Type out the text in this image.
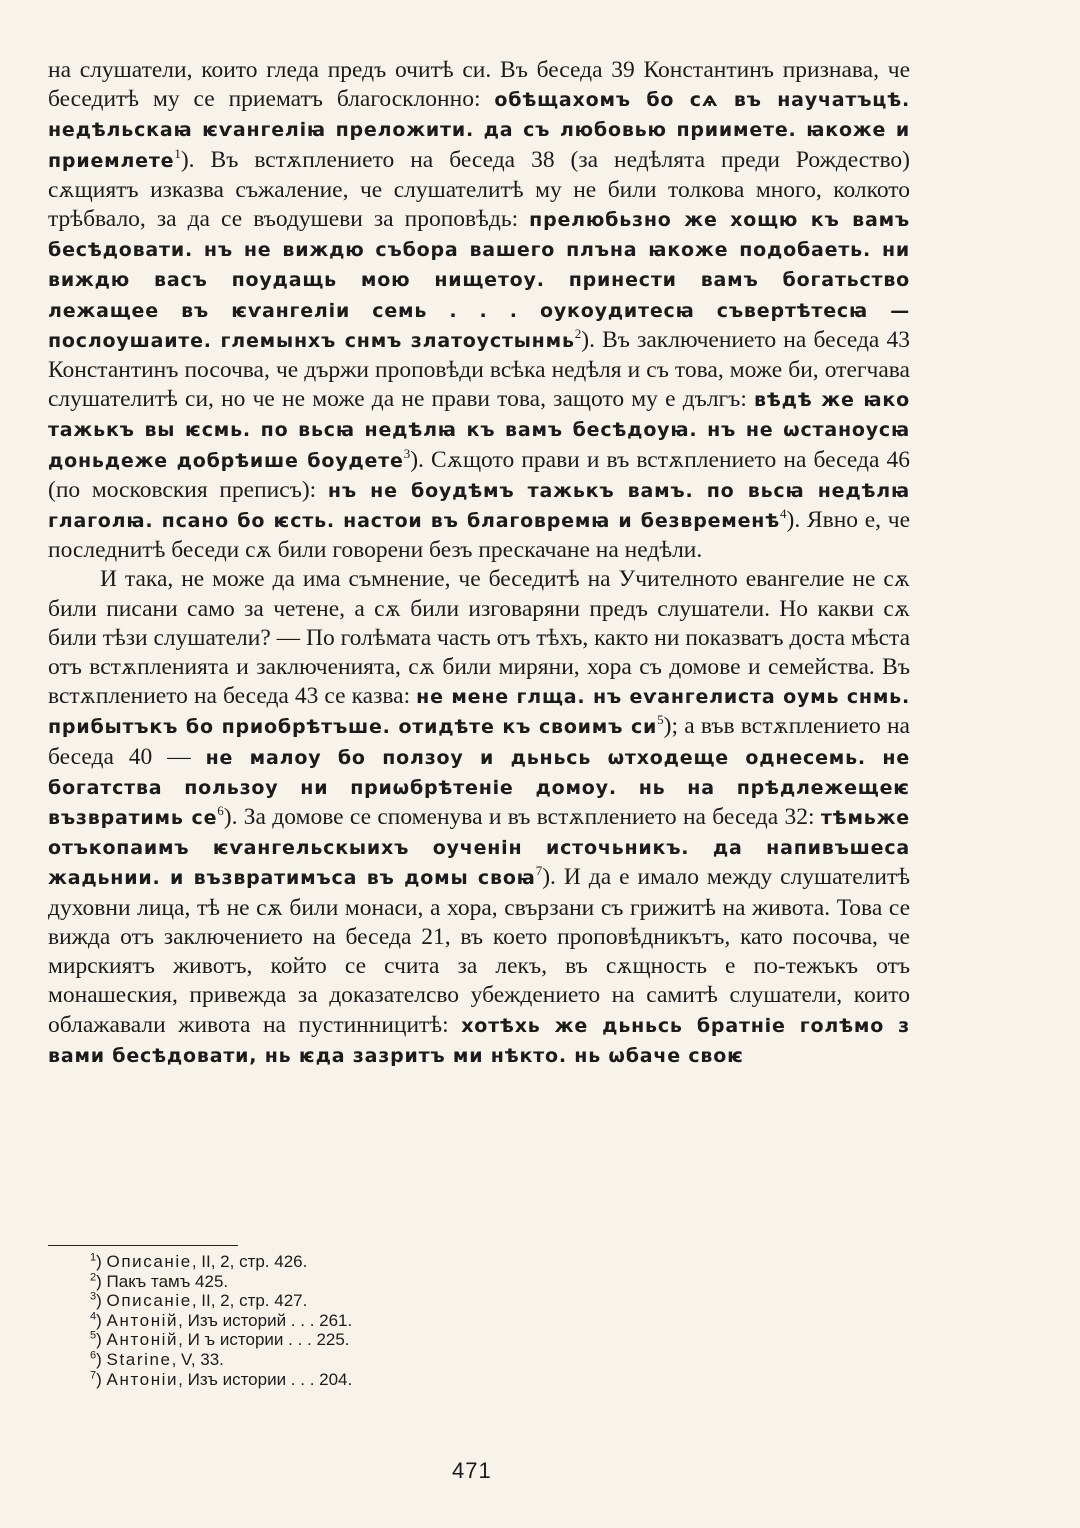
на слушатели, които гледа предъ очитѣ си. Въ беседа 39 Константинъ признава, че беседитѣ му се приематъ благосклонно: обѣщахомъ бо сѧ въ научатъцѣ. недѣльскаꙗ ѥѵангеліꙗ преложити. да съ любовью приимете. ꙗкоже и приемлете$^1$). Въ встѫплението на беседа 38 (за недѣлята преди Рождество) сѫщиятъ изказва съжаление, че слушателитѣ му не били толкова много, колкото трѣбвало, за да се въодушеви за проповѣдь: прелюбьзно же хощю къ вамъ бесѣдовати. нъ не виждю събора вашего плъна ꙗкоже подобаеть. ни виждю васъ поудащь мою нищетоу. принести вамъ богатьство лежащее въ ѥѵангеліи семь . . . оукоудитесꙗ съвертѣтесꙗ — послоушаите. глемынхъ снмъ златоустынмь$^2$). Въ заключението на беседа 43 Константинъ посочва, че държи проповѣди всѣка недѣля и съ това, може би, отегчава слушателитѣ си, но че не може да не прави това, защото му е дългъ: вѣдѣ же ꙗко тажькъ вы ѥсмь. по вьсꙗ недѣлꙗ къ вамъ бесѣдоуꙗ. нъ не ѡстаноусꙗ доньдеже добрѣише боудете$^3$). Сѫщото прави и въ встѫплението на беседа 46 (по московския преписъ): нъ не боудѣмъ тажькъ вамъ. по вьсꙗ недѣлꙗ глаголꙗ. псано бо ѥсть. настои въ благовремꙗ и безвременѣ$^4$). Явно е, че последнитѣ беседи сѫ били говорени безъ прескачане на недѣли.

И така, не може да има съмнение, че беседитѣ на Учителното евангелие не сѫ били писани само за четене, а сѫ били изговаряни предъ слушатели. Но какви сѫ били тѣзи слушатели? — По голѣмата часть отъ тѣхъ, както ни показватъ доста мѣста отъ встѫпленията и заключенията, сѫ били миряни, хора съ домове и семейства. Въ встѫплението на беседа 43 се казва: не мене глща. нъ еѵангелиста оумь снмь. прибытъкъ бо приобрѣтъше. отидѣте къ своимъ $си^5$); а във встѫплението на беседа 40 — не малоу бо ползоу и дьньсь ѡтходеще однесемь. не богатства пользоу ни приѡбрѣтеніе домоу. нь на прѣдлежещеѥ възвратимь $се^6$). За домове се споменува и въ встѫплението на беседа 32: тѣмьже отъкопаимъ ѥѵангельскыихъ оученін источьникъ. да напивъшеса жадьнии. и възвратимъса въ домы своꙗ$^7$). И да е имало между слушателитѣ духовни лица, тѣ не сѫ били монаси, а хора, свързани съ грижитѣ на живота. Това се вижда отъ заключението на беседа 21, въ което проповѣдникътъ, като посочва, че мирскиятъ животъ, който се счита за лекъ, въ сѫщность е по-тежъкъ отъ монашеския, привежда за доказателсво убеждението на самитѣ слушатели, които облажавали живота на пустинницитѣ: хотѣхь же дьньсь братніе голѣмо з вами бесѣдовати, нь ѥда зазритъ ми нѣкто. нь ѡбаче своѥ

$^1$) Описаніе, II, 2, стр. 426.
$^2$) Пакъ тамъ 425.
$^3$) Описаніе, II, 2, стр. 427.
$^4$) Антоній, Изъ историй . . . 261.
$^5$) Антоній, И ъ истории . . . 225.
$^6$) Starine, V, 33.
$^7$) Антоніи, Изъ истории . . . 204.
471
